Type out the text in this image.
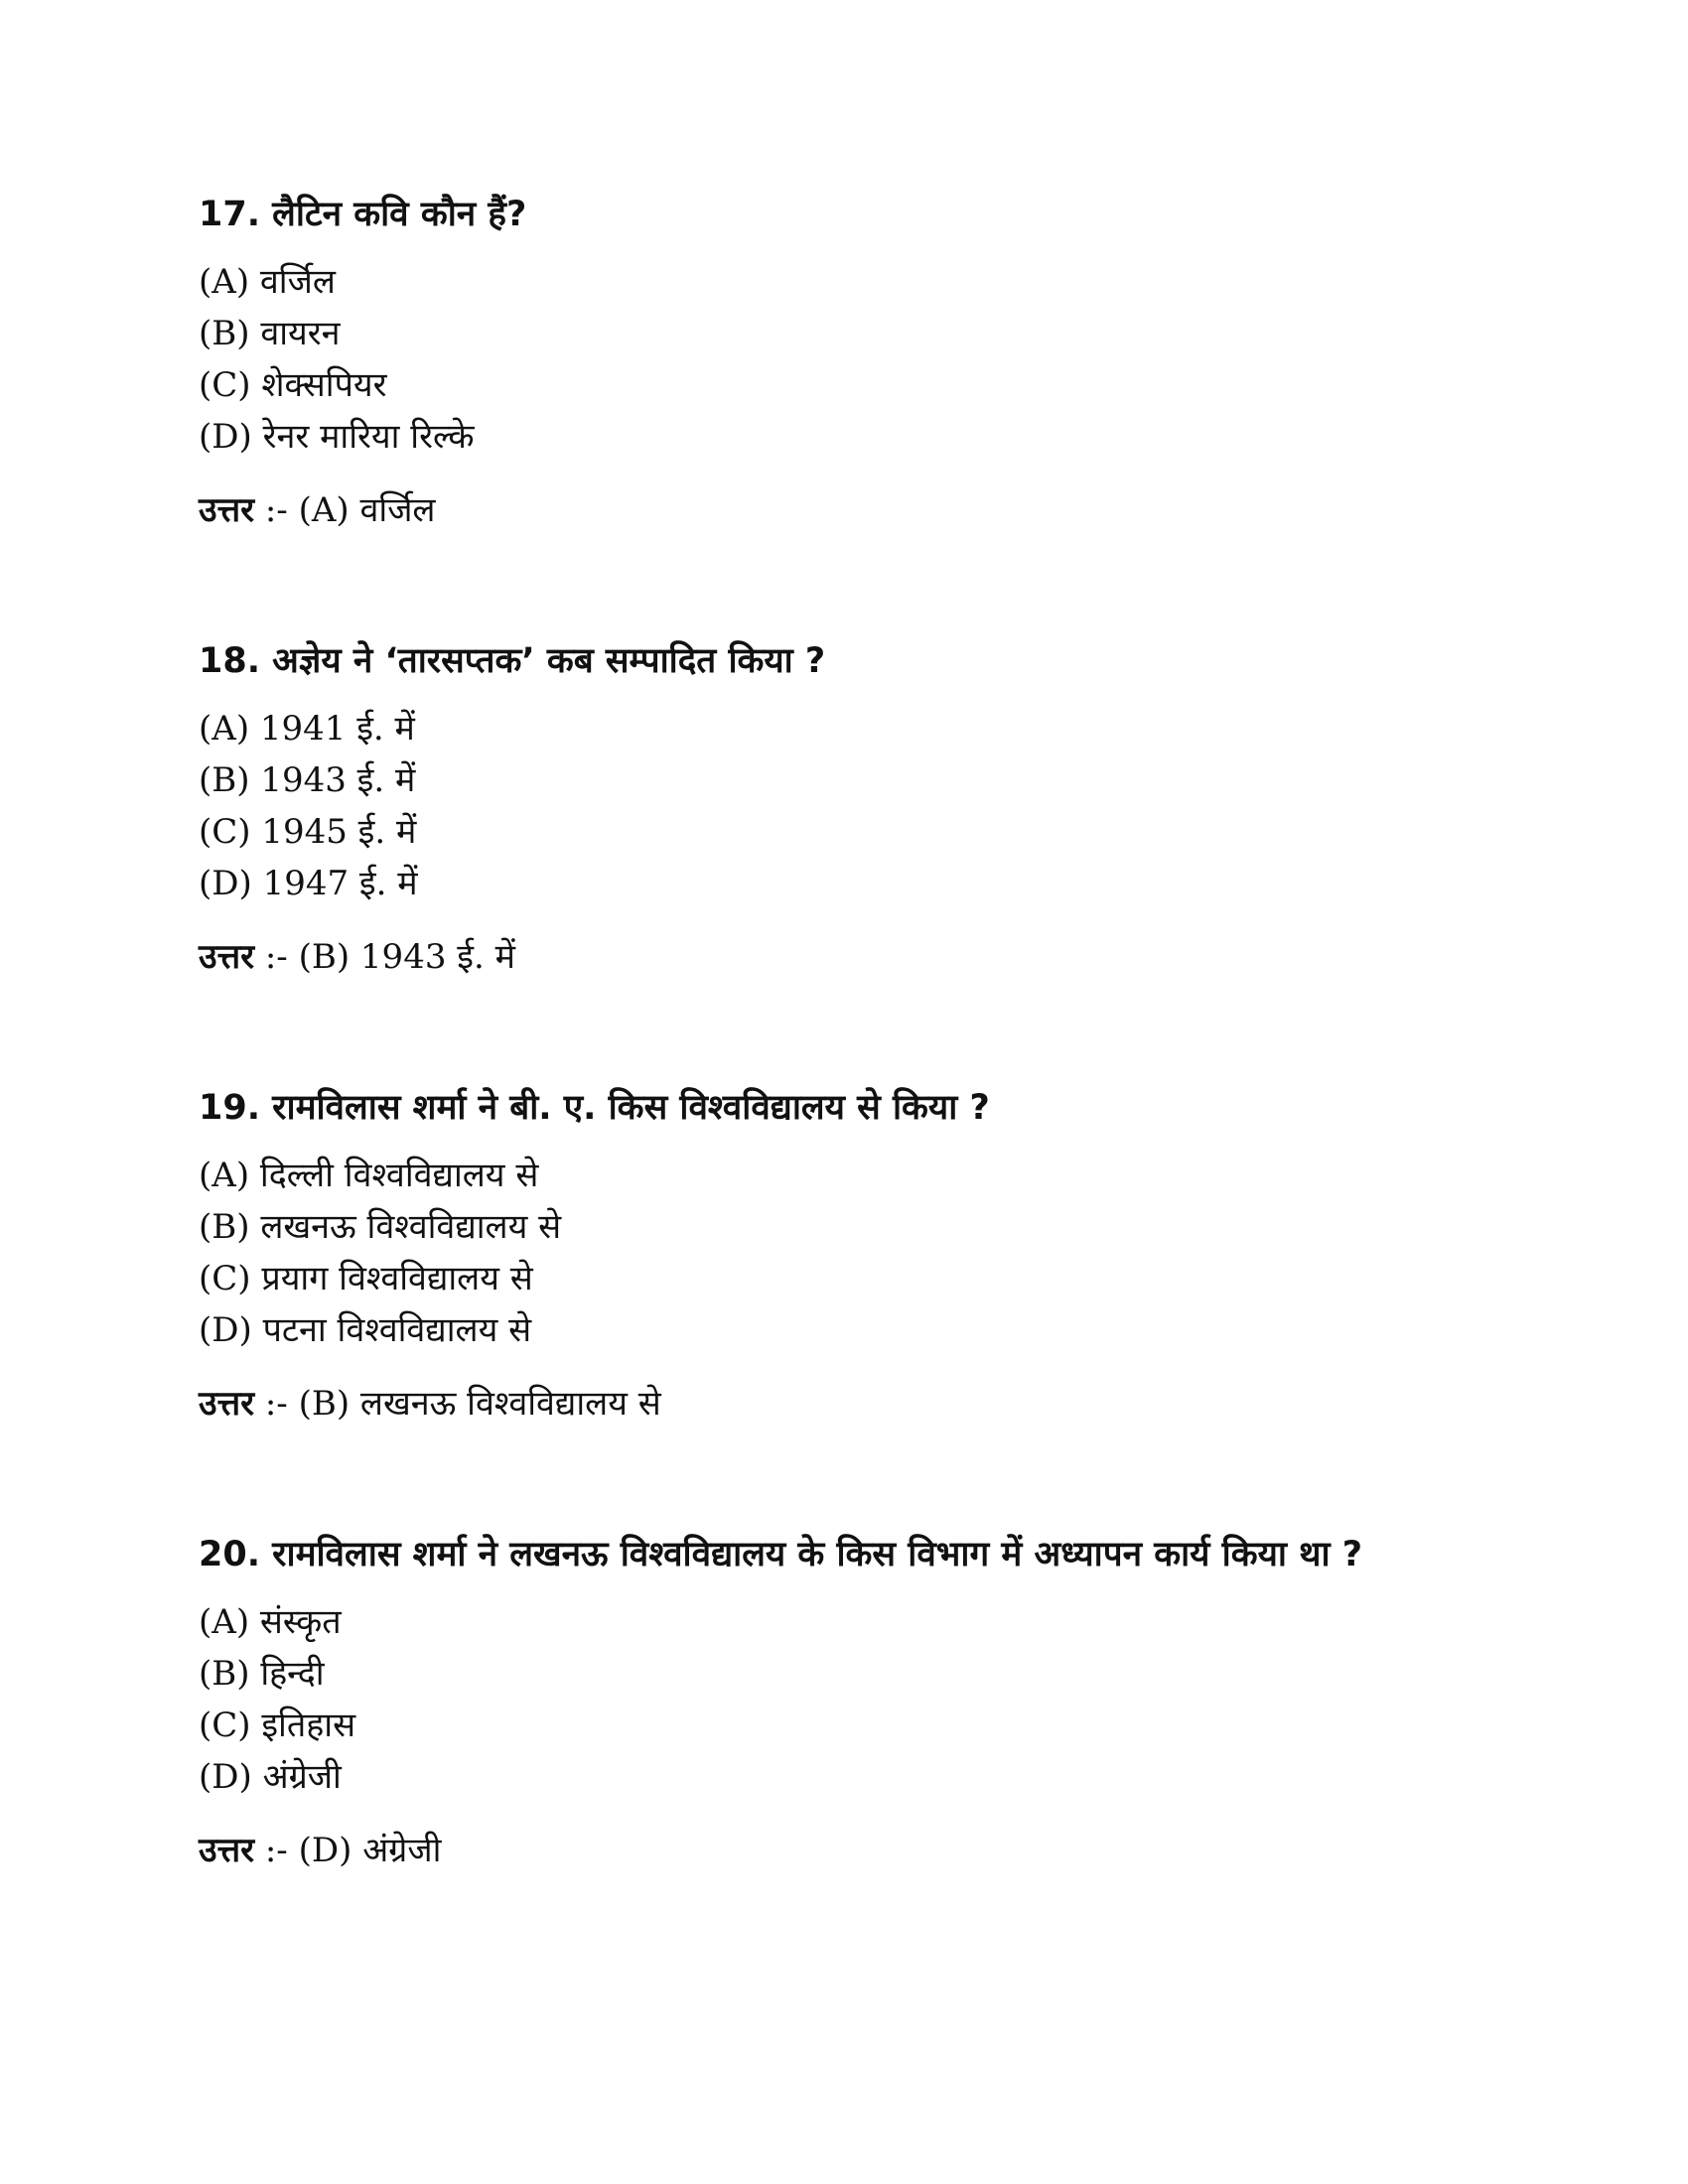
17. लैटिन कवि कौन हैं?
(A) वर्जिल
(B) वायरन
(C) शेक्सपियर
(D) रेनर मारिया रिल्के
उत्तर :- (A) वर्जिल
18. अज्ञेय ने ‘तारसप्तक’ कब सम्पादित किया ?
(A) 1941 ई. में
(B) 1943 ई. में
(C) 1945 ई. में
(D) 1947 ई. में
उत्तर :- (B) 1943 ई. में
19. रामविलास शर्मा ने बी. ए. किस विश्वविद्यालय से किया ?
(A) दिल्ली विश्वविद्यालय से
(B) लखनऊ विश्वविद्यालय से
(C) प्रयाग विश्वविद्यालय से
(D) पटना विश्वविद्यालय से
उत्तर :- (B) लखनऊ विश्वविद्यालय से
20. रामविलास शर्मा ने लखनऊ विश्वविद्यालय के किस विभाग में अध्यापन कार्य किया था ?
(A) संस्कृत
(B) हिन्दी
(C) इतिहास
(D) अंग्रेजी
उत्तर :- (D) अंग्रेजी
